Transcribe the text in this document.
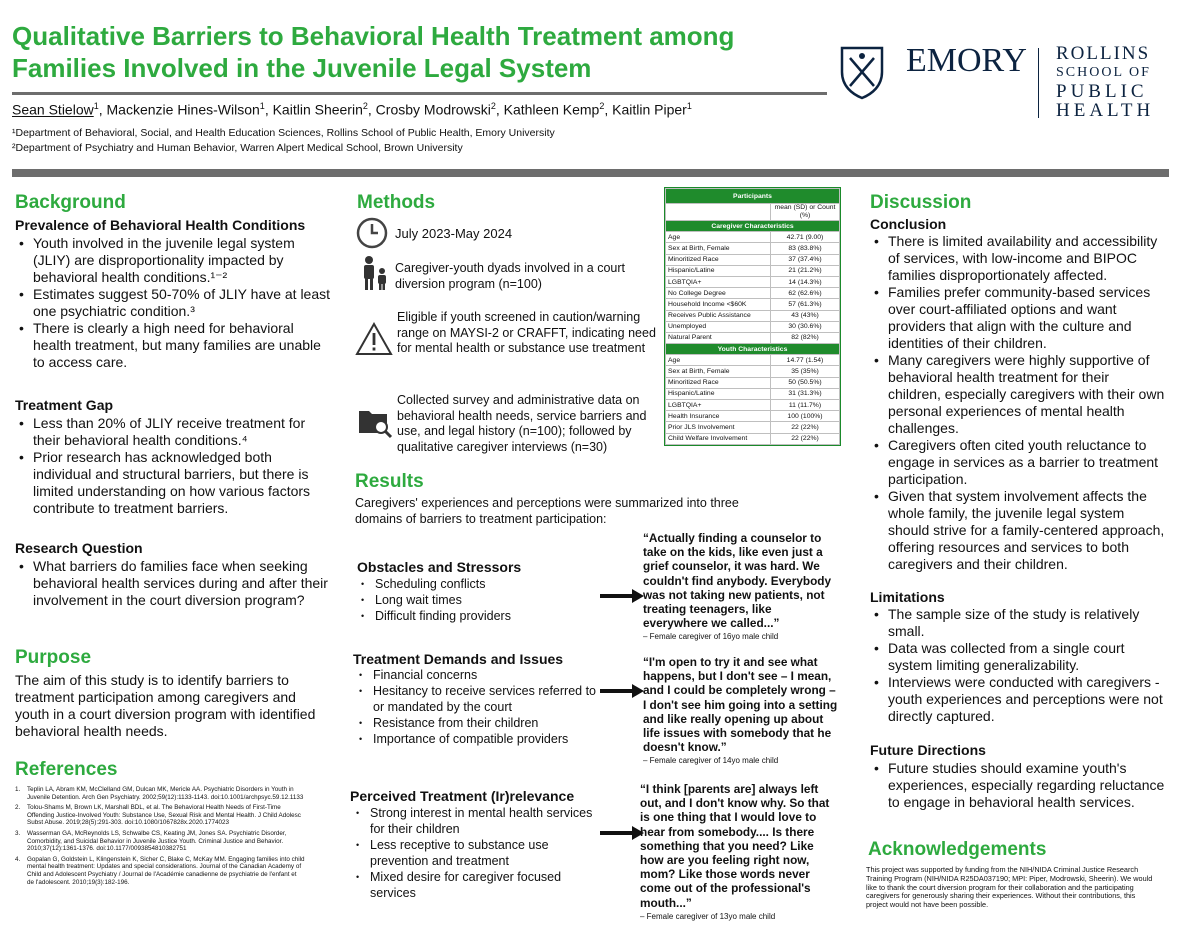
Qualitative Barriers to Behavioral Health Treatment among
Families Involved in the Juvenile Legal System
Sean Stielow$^1$, Mackenzie Hines-Wilson$^1$, Kaitlin Sheerin$^2$, Crosby Modrowski$^2$, Kathleen Kemp$^2$, Kaitlin Piper$^1$
¹Department of Behavioral, Social, and Health Education Sciences, Rollins School of Public Health, Emory University
²Department of Psychiatry and Human Behavior, Warren Alpert Medical School, Brown University
EMORY ROLLINS
SCHOOL OF
PUBLIC
HEALTH
Background
Prevalence of Behavioral Health Conditions
• Youth involved in the juvenile legal system (JLIY) are disproportionality impacted by behavioral health conditions.¹⁻²
• Estimates suggest 50-70% of JLIY have at least one psychiatric condition.³
• There is clearly a high need for behavioral health treatment, but many families are unable to access care.
Treatment Gap
• Less than 20% of JLIY receive treatment for their behavioral health conditions.⁴
• Prior research has acknowledged both individual and structural barriers, but there is limited understanding on how various factors contribute to treatment barriers.
Research Question
• What barriers do families face when seeking behavioral health services during and after their involvement in the court diversion program?
Purpose
The aim of this study is to identify barriers to treatment participation among caregivers and youth in a court diversion program with identified behavioral health needs.
References
1. Teplin LA, Abram KM, McClelland GM, Dulcan MK, Mericle AA. Psychiatric Disorders in Youth in Juvenile Detention. Arch Gen Psychiatry. 2002;59(12):1133-1143. doi:10.1001/archpsyc.59.12.1133
2. Tolou-Shams M, Brown LK, Marshall BDL, et al. The Behavioral Health Needs of First-Time Offending Justice-Involved Youth: Substance Use, Sexual Risk and Mental Health. J Child Adolesc Subst Abuse. 2019;28(5):291-303. doi:10.1080/1067828x.2020.1774023
3. Wasserman GA, McReynolds LS, Schwalbe CS, Keating JM, Jones SA. Psychiatric Disorder, Comorbidity, and Suicidal Behavior in Juvenile Justice Youth. Criminal Justice and Behavior. 2010;37(12):1361-1376. doi:10.1177/0093854810382751
4. Gopalan G, Goldstein L, Klingenstein K, Sicher C, Blake C, McKay MM. Engaging families into child mental health treatment: Updates and special considerations. Journal of the Canadian Academy of Child and Adolescent Psychiatry / Journal de l'Académie canadienne de psychiatrie de l'enfant et de l'adolescent. 2010;19(3):182-196.
Methods
July 2023-May 2024
Caregiver-youth dyads involved in a court diversion program (n=100)
Eligible if youth screened in caution/warning range on MAYSI-2 or CRAFFT, indicating need for mental health or substance use treatment
Collected survey and administrative data on behavioral health needs, service barriers and use, and legal history (n=100); followed by qualitative caregiver interviews (n=30)
Participants	
	mean (SD) or Count (%)
Caregiver Characteristics	
Age	42.71 (9.00)
Sex at Birth, Female	83 (83.8%)
Minoritized Race	37 (37.4%)
Hispanic/Latine	21 (21.2%)
LGBTQIA+	14 (14.3%)
No College Degree	62 (62.6%)
Household Income <$60K	57 (61.3%)
Receives Public Assistance	43 (43%)
Unemployed	30 (30.6%)
Natural Parent	82 (82%)
Youth Characteristics	
Age	14.77 (1.54)
Sex at Birth, Female	35 (35%)
Minoritized Race	50 (50.5%)
Hispanic/Latine	31 (31.3%)
LGBTQIA+	11 (11.7%)
Health Insurance	100 (100%)
Prior JLS Involvement	22 (22%)
Child Welfare Involvement	22 (22%)
Results
Caregivers' experiences and perceptions were summarized into three domains of barriers to treatment participation:
Obstacles and Stressors
• Scheduling conflicts
• Long wait times
• Difficult finding providers
“Actually finding a counselor to take on the kids, like even just a grief counselor, it was hard. We couldn't find anybody. Everybody was not taking new patients, not treating teenagers, like everywhere we called...”
– Female caregiver of 16yo male child
Treatment Demands and Issues
• Financial concerns
• Hesitancy to receive services referred to or mandated by the court
• Resistance from their children
• Importance of compatible providers
“I'm open to try it and see what happens, but I don't see – I mean, and I could be completely wrong – I don't see him going into a setting and like really opening up about life issues with somebody that he doesn't know.”
– Female caregiver of 14yo male child
Perceived Treatment (Ir)relevance
• Strong interest in mental health services for their children
• Less receptive to substance use prevention and treatment
• Mixed desire for caregiver focused services
“I think [parents are] always left out, and I don't know why. So that is one thing that I would love to hear from somebody.... Is there something that you need? Like how are you feeling right now, mom? Like those words never come out of the professional's mouth...”
– Female caregiver of 13yo male child
Discussion
Conclusion
• There is limited availability and accessibility of services, with low-income and BIPOC families disproportionately affected.
• Families prefer community-based services over court-affiliated options and want providers that align with the culture and identities of their children.
• Many caregivers were highly supportive of behavioral health treatment for their children, especially caregivers with their own personal experiences of mental health challenges.
• Caregivers often cited youth reluctance to engage in services as a barrier to treatment participation.
• Given that system involvement affects the whole family, the juvenile legal system should strive for a family-centered approach, offering resources and services to both caregivers and their children.
Limitations
• The sample size of the study is relatively small.
• Data was collected from a single court system limiting generalizability.
• Interviews were conducted with caregivers - youth experiences and perceptions were not directly captured.
Future Directions
• Future studies should examine youth's experiences, especially regarding reluctance to engage in behavioral health services.
Acknowledgements
This project was supported by funding from the NIH/NIDA Criminal Justice Research Training Program (NIH/NIDA R25DA037190; MPI: Piper, Modrowski, Sheerin). We would like to thank the court diversion program for their collaboration and the participating caregivers for generously sharing their experiences. Without their contributions, this project would not have been possible.
